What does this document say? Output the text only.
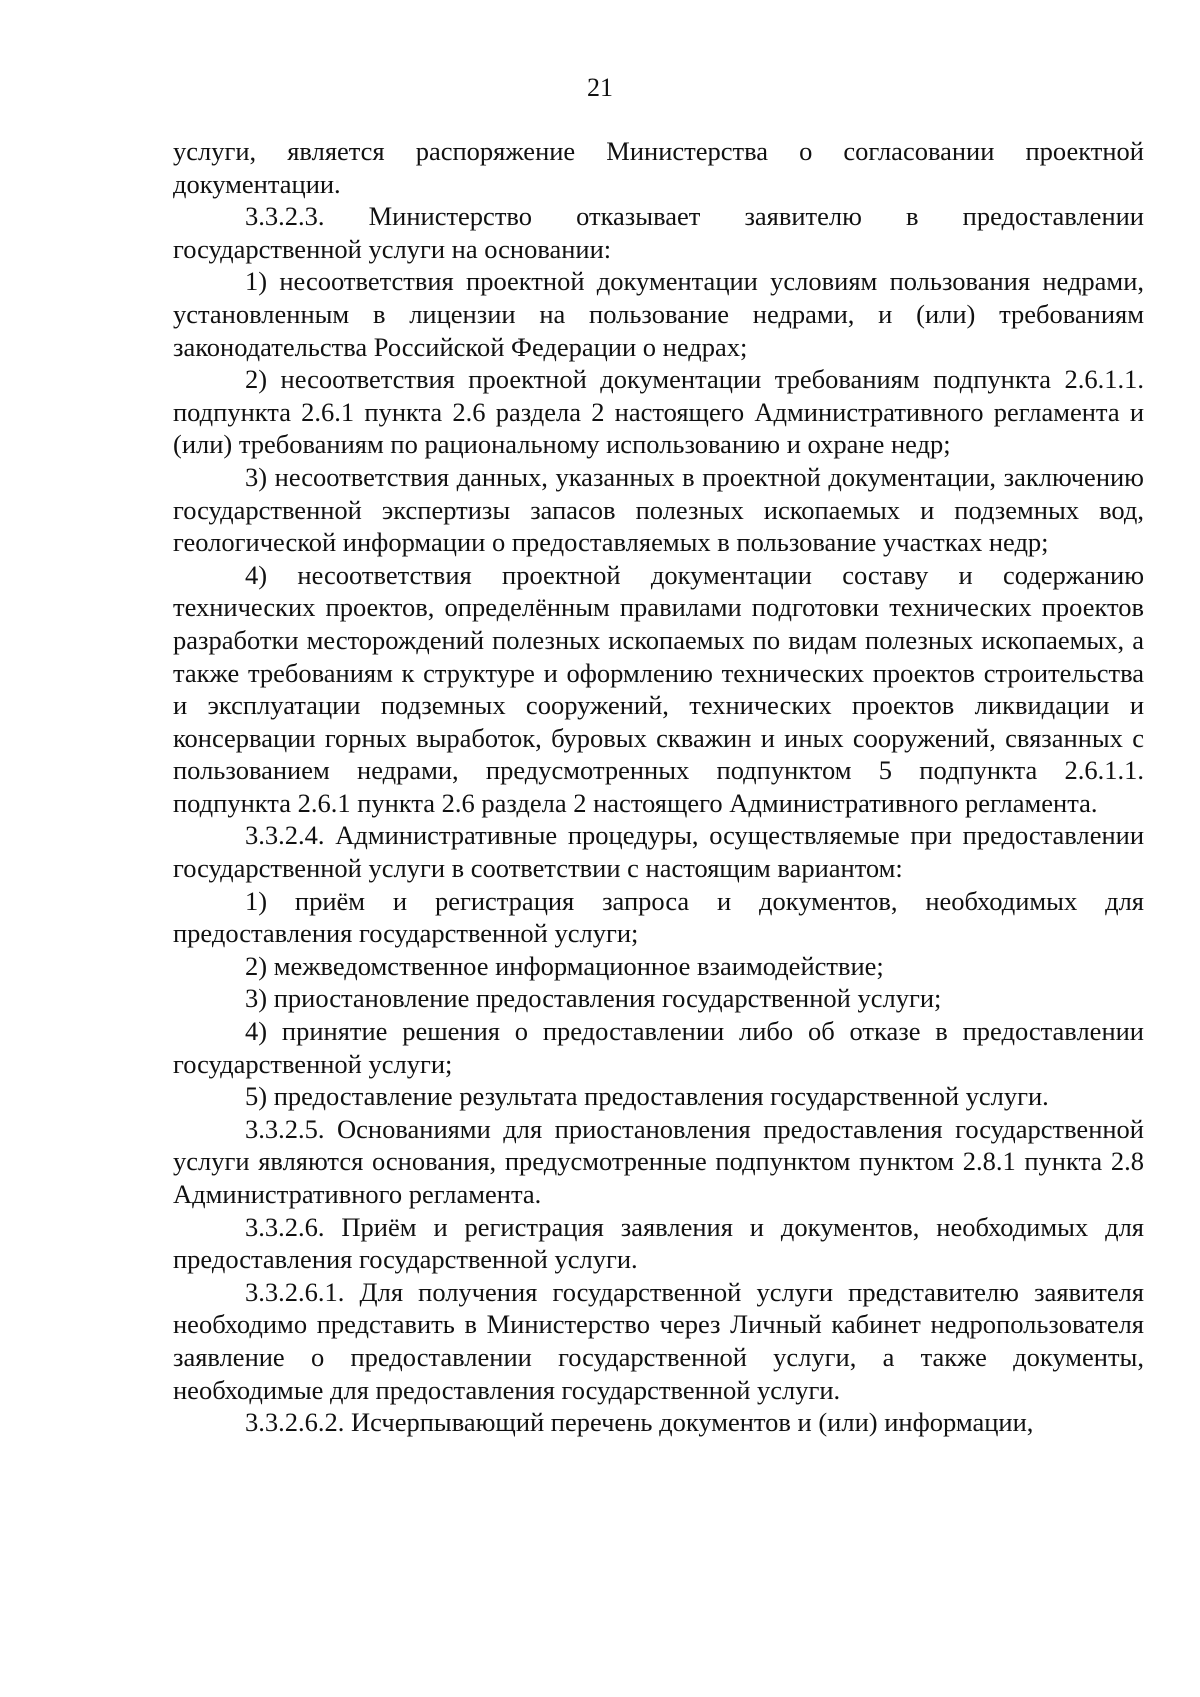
21

услуги, является распоряжение Министерства о согласовании проектной документации.

3.3.2.3. Министерство отказывает заявителю в предоставлении государственной услуги на основании:

1) несоответствия проектной документации условиям пользования недрами, установленным в лицензии на пользование недрами, и (или) требованиям законодательства Российской Федерации о недрах;

2) несоответствия проектной документации требованиям подпункта 2.6.1.1. подпункта 2.6.1 пункта 2.6 раздела 2 настоящего Административного регламента и (или) требованиям по рациональному использованию и охране недр;

3) несоответствия данных, указанных в проектной документации, заключению государственной экспертизы запасов полезных ископаемых и подземных вод, геологической информации о предоставляемых в пользование участках недр;

4) несоответствия проектной документации составу и содержанию технических проектов, определённым правилами подготовки технических проектов разработки месторождений полезных ископаемых по видам полезных ископаемых, а также требованиям к структуре и оформлению технических проектов строительства и эксплуатации подземных сооружений, технических проектов ликвидации и консервации горных выработок, буровых скважин и иных сооружений, связанных с пользованием недрами, предусмотренных подпунктом 5 подпункта 2.6.1.1. подпункта 2.6.1 пункта 2.6 раздела 2 настоящего Административного регламента.

3.3.2.4. Административные процедуры, осуществляемые при предоставлении государственной услуги в соответствии с настоящим вариантом:

1) приём и регистрация запроса и документов, необходимых для предоставления государственной услуги;

2) межведомственное информационное взаимодействие;

3) приостановление предоставления государственной услуги;

4) принятие решения о предоставлении либо об отказе в предоставлении государственной услуги;

5) предоставление результата предоставления государственной услуги.

3.3.2.5. Основаниями для приостановления предоставления государственной услуги являются основания, предусмотренные подпунктом пунктом 2.8.1 пункта 2.8 Административного регламента.

3.3.2.6. Приём и регистрация заявления и документов, необходимых для предоставления государственной услуги.

3.3.2.6.1. Для получения государственной услуги представителю заявителя необходимо представить в Министерство через Личный кабинет недропользователя заявление о предоставлении государственной услуги, а также документы, необходимые для предоставления государственной услуги.

3.3.2.6.2. Исчерпывающий перечень документов и (или) информации,
